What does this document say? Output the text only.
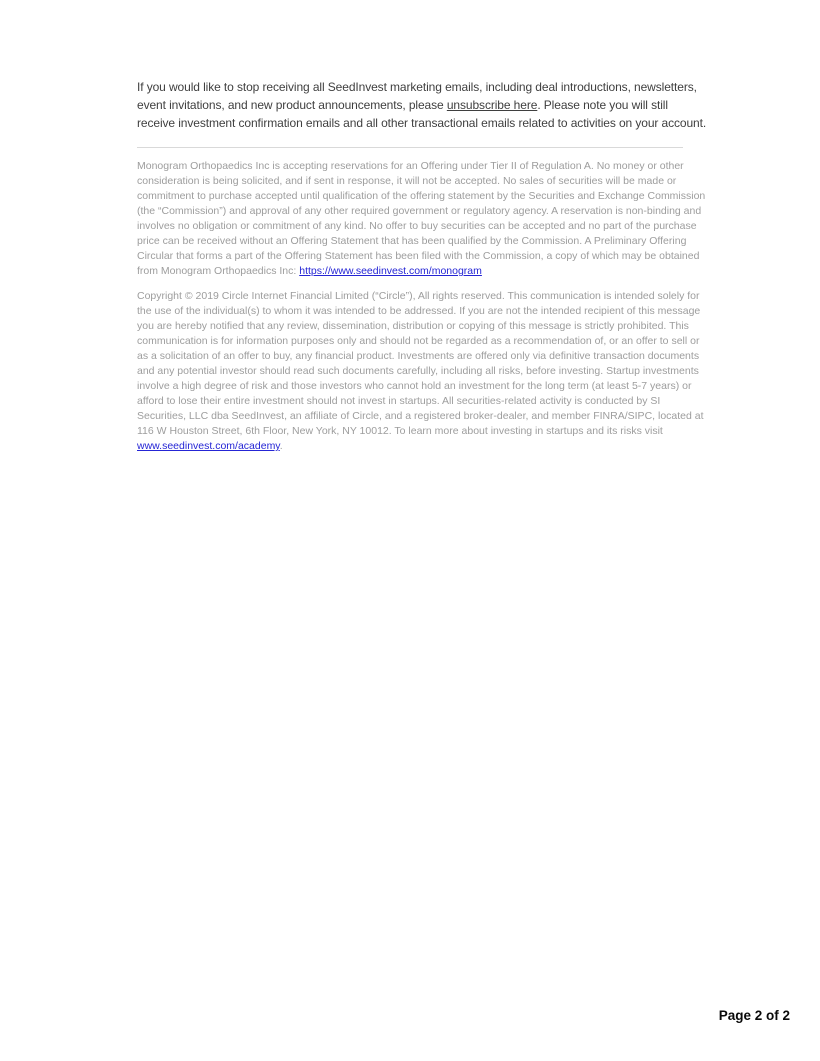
If you would like to stop receiving all SeedInvest marketing emails, including deal introductions, newsletters, event invitations, and new product announcements, please unsubscribe here. Please note you will still receive investment confirmation emails and all other transactional emails related to activities on your account.

Monogram Orthopaedics Inc is accepting reservations for an Offering under Tier II of Regulation A. No money or other consideration is being solicited, and if sent in response, it will not be accepted. No sales of securities will be made or commitment to purchase accepted until qualification of the offering statement by the Securities and Exchange Commission (the “Commission”) and approval of any other required government or regulatory agency. A reservation is non-binding and involves no obligation or commitment of any kind. No offer to buy securities can be accepted and no part of the purchase price can be received without an Offering Statement that has been qualified by the Commission. A Preliminary Offering Circular that forms a part of the Offering Statement has been filed with the Commission, a copy of which may be obtained from Monogram Orthopaedics Inc: https://www.seedinvest.com/monogram

Copyright © 2019 Circle Internet Financial Limited (“Circle”), All rights reserved. This communication is intended solely for the use of the individual(s) to whom it was intended to be addressed. If you are not the intended recipient of this message you are hereby notified that any review, dissemination, distribution or copying of this message is strictly prohibited. This communication is for information purposes only and should not be regarded as a recommendation of, or an offer to sell or as a solicitation of an offer to buy, any financial product. Investments are offered only via definitive transaction documents and any potential investor should read such documents carefully, including all risks, before investing. Startup investments involve a high degree of risk and those investors who cannot hold an investment for the long term (at least 5-7 years) or afford to lose their entire investment should not invest in startups. All securities-related activity is conducted by SI Securities, LLC dba SeedInvest, an affiliate of Circle, and a registered broker-dealer, and member FINRA/SIPC, located at 116 W Houston Street, 6th Floor, New York, NY 10012. To learn more about investing in startups and its risks visit www.seedinvest.com/academy.

Page 2 of 2
